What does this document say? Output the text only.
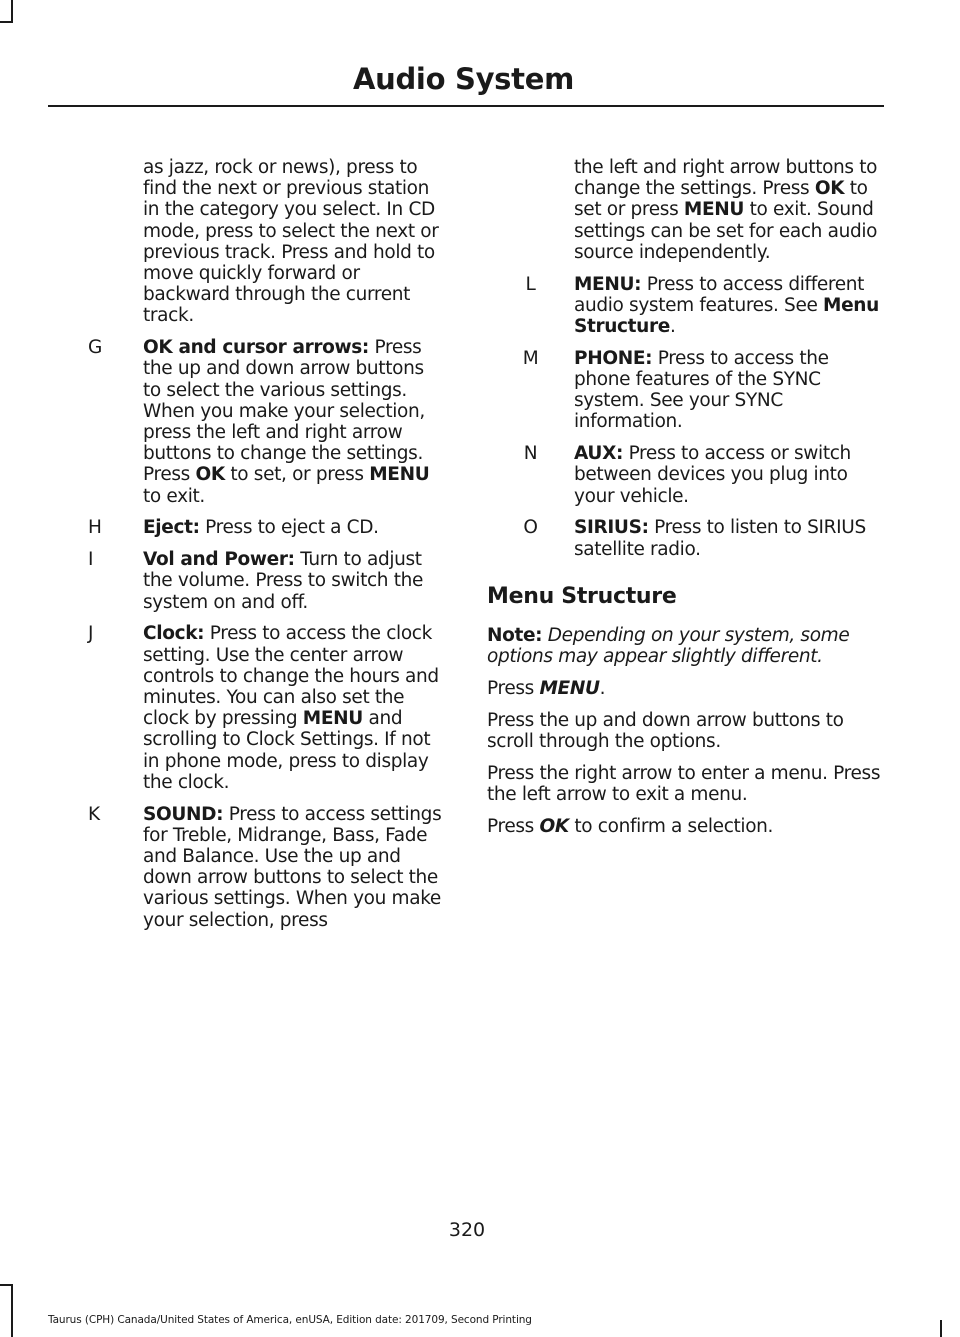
Audio System
as jazz, rock or news), press to find the next or previous station in the category you select. In CD mode, press to select the next or previous track. Press and hold to move quickly forward or backward through the current track.
G	OK and cursor arrows: Press the up and down arrow buttons to select the various settings. When you make your selection, press the left and right arrow buttons to change the settings. Press OK to set, or press MENU to exit.
H	Eject: Press to eject a CD.
I	Vol and Power: Turn to adjust the volume. Press to switch the system on and off.
J	Clock: Press to access the clock setting. Use the center arrow controls to change the hours and minutes. You can also set the clock by pressing MENU and scrolling to Clock Settings. If not in phone mode, press to display the clock.
K	SOUND: Press to access settings for Treble, Midrange, Bass, Fade and Balance. Use the up and down arrow buttons to select the various settings. When you make your selection, press
the left and right arrow buttons to change the settings. Press OK to set or press MENU to exit. Sound settings can be set for each audio source independently.
L	MENU: Press to access different audio system features. See Menu Structure.
M	PHONE: Press to access the phone features of the SYNC system. See your SYNC information.
N	AUX: Press to access or switch between devices you plug into your vehicle.
O	SIRIUS: Press to listen to SIRIUS satellite radio.
Menu Structure
Note: Depending on your system, some options may appear slightly different.
Press MENU.
Press the up and down arrow buttons to scroll through the options.
Press the right arrow to enter a menu. Press the left arrow to exit a menu.
Press OK to confirm a selection.
320
Taurus (CPH) Canada/United States of America, enUSA, Edition date: 201709, Second Printing
